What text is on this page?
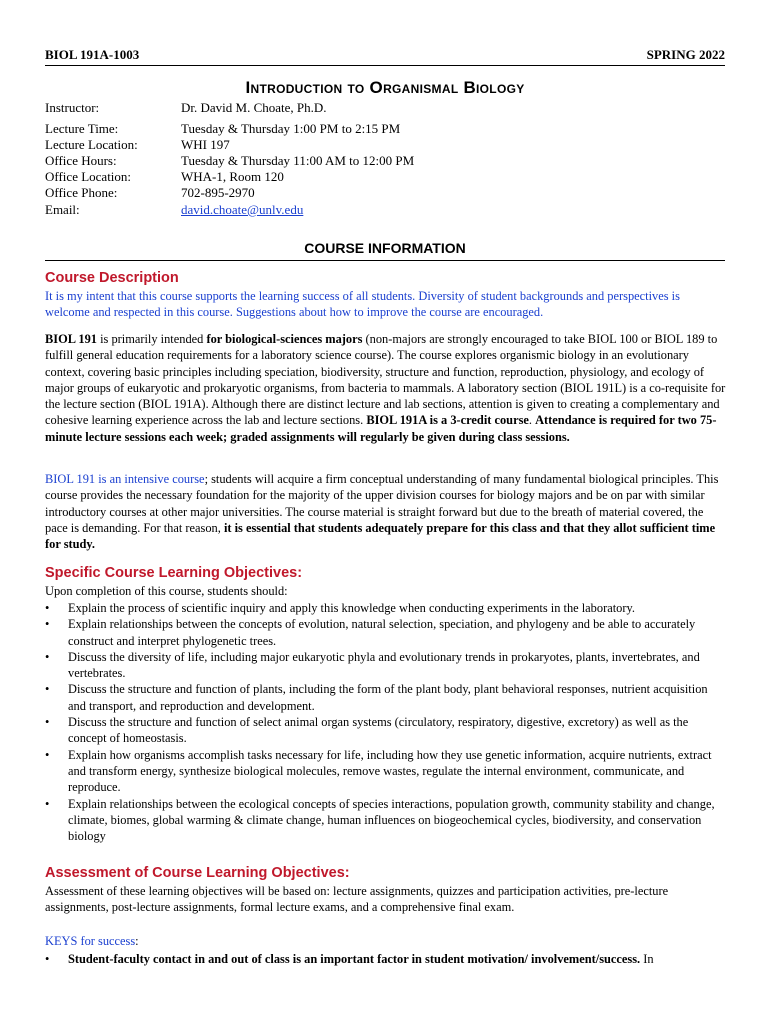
BIOL 191A-1003	SPRING 2022
Introduction to Organismal Biology
Instructor:	Dr. David M. Choate, Ph.D.
Lecture Time:	Tuesday & Thursday 1:00 PM to 2:15 PM
Lecture Location:	WHI 197
Office Hours:	Tuesday & Thursday 11:00 AM to 12:00 PM
Office Location:	WHA-1, Room 120
Office Phone:	702-895-2970
Email:	david.choate@unlv.edu
COURSE INFORMATION
Course Description
It is my intent that this course supports the learning success of all students. Diversity of student backgrounds and perspectives is welcome and respected in this course. Suggestions about how to improve the course are encouraged.
BIOL 191 is primarily intended for biological-sciences majors (non-majors are strongly encouraged to take BIOL 100 or BIOL 189 to fulfill general education requirements for a laboratory science course). The course explores organismic biology in an evolutionary context, covering basic principles including speciation, biodiversity, structure and function, reproduction, physiology, and ecology of major groups of eukaryotic and prokaryotic organisms, from bacteria to mammals. A laboratory section (BIOL 191L) is a co-requisite for the lecture section (BIOL 191A). Although there are distinct lecture and lab sections, attention is given to creating a complementary and cohesive learning experience across the lab and lecture sections. BIOL 191A is a 3-credit course. Attendance is required for two 75-minute lecture sessions each week; graded assignments will regularly be given during class sessions.
BIOL 191 is an intensive course; students will acquire a firm conceptual understanding of many fundamental biological principles. This course provides the necessary foundation for the majority of the upper division courses for biology majors and be on par with similar introductory courses at other major universities. The course material is straight forward but due to the breath of material covered, the pace is demanding. For that reason, it is essential that students adequately prepare for this class and that they allot sufficient time for study.
Specific Course Learning Objectives:
Upon completion of this course, students should:
• Explain the process of scientific inquiry and apply this knowledge when conducting experiments in the laboratory.
• Explain relationships between the concepts of evolution, natural selection, speciation, and phylogeny and be able to accurately construct and interpret phylogenetic trees.
• Discuss the diversity of life, including major eukaryotic phyla and evolutionary trends in prokaryotes, plants, invertebrates, and vertebrates.
• Discuss the structure and function of plants, including the form of the plant body, plant behavioral responses, nutrient acquisition and transport, and reproduction and development.
• Discuss the structure and function of select animal organ systems (circulatory, respiratory, digestive, excretory) as well as the concept of homeostasis.
• Explain how organisms accomplish tasks necessary for life, including how they use genetic information, acquire nutrients, extract and transform energy, synthesize biological molecules, remove wastes, regulate the internal environment, communicate, and reproduce.
• Explain relationships between the ecological concepts of species interactions, population growth, community stability and change, climate, biomes, global warming & climate change, human influences on biogeochemical cycles, biodiversity, and conservation biology
Assessment of Course Learning Objectives:
Assessment of these learning objectives will be based on: lecture assignments, quizzes and participation activities, pre-lecture assignments, post-lecture assignments, formal lecture exams, and a comprehensive final exam.
KEYS for success:
• Student-faculty contact in and out of class is an important factor in student motivation/ involvement/success. In
